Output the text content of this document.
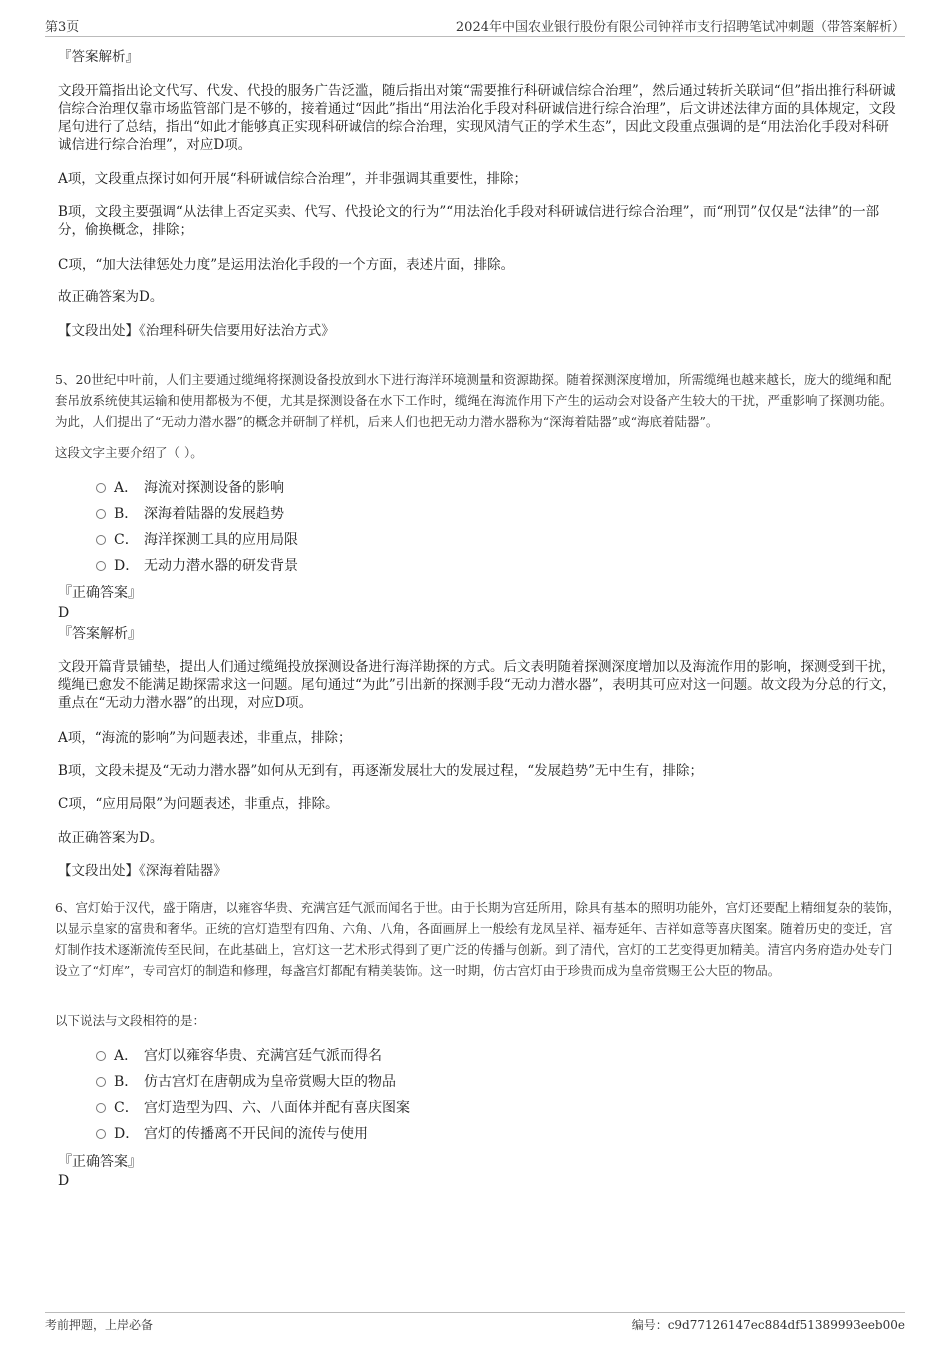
第3页	2024年中国农业银行股份有限公司钟祥市支行招聘笔试冲刺题（带答案解析）
『答案解析』
文段开篇指出论文代写、代发、代投的服务广告泛滥，随后指出对策“需要推行科研诚信综合治理”，然后通过转折关联词“但”指出推行科研诚信综合治理仅靠市场监管部门是不够的，接着通过“因此”指出“用法治化手段对科研诚信进行综合治理”，后文讲述法律方面的具体规定，文段尾句进行了总结，指出“如此才能够真正实现科研诚信的综合治理，实现风清气正的学术生态”，因此文段重点强调的是“用法治化手段对科研诚信进行综合治理”，对应D项。
A项，文段重点探讨如何开展“科研诚信综合治理”，并非强调其重要性，排除；
B项，文段主要强调“从法律上否定买卖、代写、代投论文的行为”“用法治化手段对科研诚信进行综合治理”，而“刑罚”仅仅是“法律”的一部分，偷换概念，排除；
C项，“加大法律惩处力度”是运用法治化手段的一个方面，表述片面，排除。
故正确答案为D。
【文段出处】《治理科研失信要用好法治方式》
5、20世纪中叶前，人们主要通过缆绳将探测设备投放到水下进行海洋环境测量和资源勘探。随着探测深度增加，所需缆绳也越来越长，庞大的缆绳和配套吊放系统使其运输和使用都极为不便，尤其是探测设备在水下工作时，缆绳在海流作用下产生的运动会对设备产生较大的干扰，严重影响了探测功能。为此，人们提出了“无动力潜水器”的概念并研制了样机，后来人们也把无动力潜水器称为“深海着陆器”或“海底着陆器”。
这段文字主要介绍了（ ）。
A． 海流对探测设备的影响
B． 深海着陆器的发展趋势
C． 海洋探测工具的应用局限
D． 无动力潜水器的研发背景
『正确答案』
D
『答案解析』
文段开篇背景铺垫，提出人们通过缆绳投放探测设备进行海洋勘探的方式。后文表明随着探测深度增加以及海流作用的影响，探测受到干扰，缆绳已愈发不能满足勘探需求这一问题。尾句通过“为此”引出新的探测手段“无动力潜水器”，表明其可应对这一问题。故文段为分总的行文，重点在“无动力潜水器”的出现，对应D项。
A项，“海流的影响”为问题表述，非重点，排除；
B项，文段未提及“无动力潜水器”如何从无到有，再逐渐发展壮大的发展过程，“发展趋势”无中生有，排除；
C项，“应用局限”为问题表述，非重点，排除。
故正确答案为D。
【文段出处】《深海着陆器》
6、宫灯始于汉代，盛于隋唐，以雍容华贵、充满宫廷气派而闻名于世。由于长期为宫廷所用，除具有基本的照明功能外，宫灯还要配上精细复杂的装饰，以显示皇家的富贵和奢华。正统的宫灯造型有四角、六角、八角，各面画屏上一般绘有龙凤呈祥、福寿延年、吉祥如意等喜庆图案。随着历史的变迁，宫灯制作技术逐渐流传至民间，在此基础上，宫灯这一艺术形式得到了更广泛的传播与创新。到了清代，宫灯的工艺变得更加精美。清宫内务府造办处专门设立了“灯库”，专司宫灯的制造和修理，每盏宫灯都配有精美装饰。这一时期，仿古宫灯由于珍贵而成为皇帝赏赐王公大臣的物品。
以下说法与文段相符的是：
A． 宫灯以雍容华贵、充满宫廷气派而得名
B． 仿古宫灯在唐朝成为皇帝赏赐大臣的物品
C． 宫灯造型为四、六、八面体并配有喜庆图案
D． 宫灯的传播离不开民间的流传与使用
『正确答案』
D
考前押题，上岸必备	编号：c9d77126147ec884df51389993eeb00e
